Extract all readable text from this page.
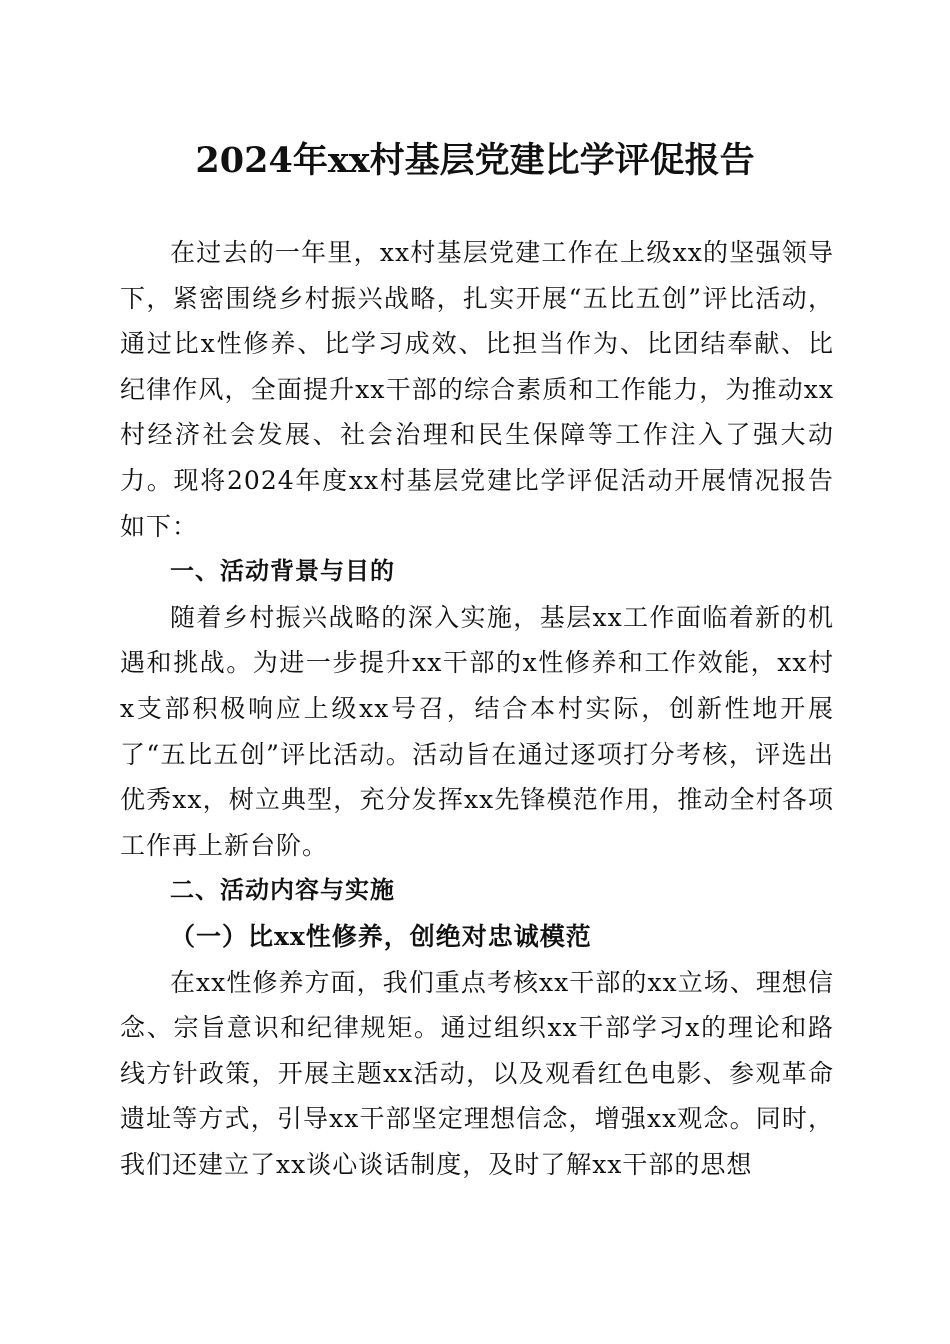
2024年xx村基层党建比学评促报告

在过去的一年里，xx村基层党建工作在上级xx的坚强领导下，紧密围绕乡村振兴战略，扎实开展“五比五创”评比活动，通过比x性修养、比学习成效、比担当作为、比团结奉献、比纪律作风，全面提升xx干部的综合素质和工作能力，为推动xx村经济社会发展、社会治理和民生保障等工作注入了强大动力。现将2024年度xx村基层党建比学评促活动开展情况报告如下：

一、活动背景与目的

随着乡村振兴战略的深入实施，基层xx工作面临着新的机遇和挑战。为进一步提升xx干部的x性修养和工作效能，xx村x支部积极响应上级xx号召，结合本村实际，创新性地开展了“五比五创”评比活动。活动旨在通过逐项打分考核，评选出优秀xx，树立典型，充分发挥xx先锋模范作用，推动全村各项工作再上新台阶。

二、活动内容与实施

（一）比xx性修养，创绝对忠诚模范

在xx性修养方面，我们重点考核xx干部的xx立场、理想信念、宗旨意识和纪律规矩。通过组织xx干部学习x的理论和路线方针政策，开展主题xx活动，以及观看红色电影、参观革命遗址等方式，引导xx干部坚定理想信念，增强xx观念。同时，我们还建立了xx谈心谈话制度，及时了解xx干部的思想
